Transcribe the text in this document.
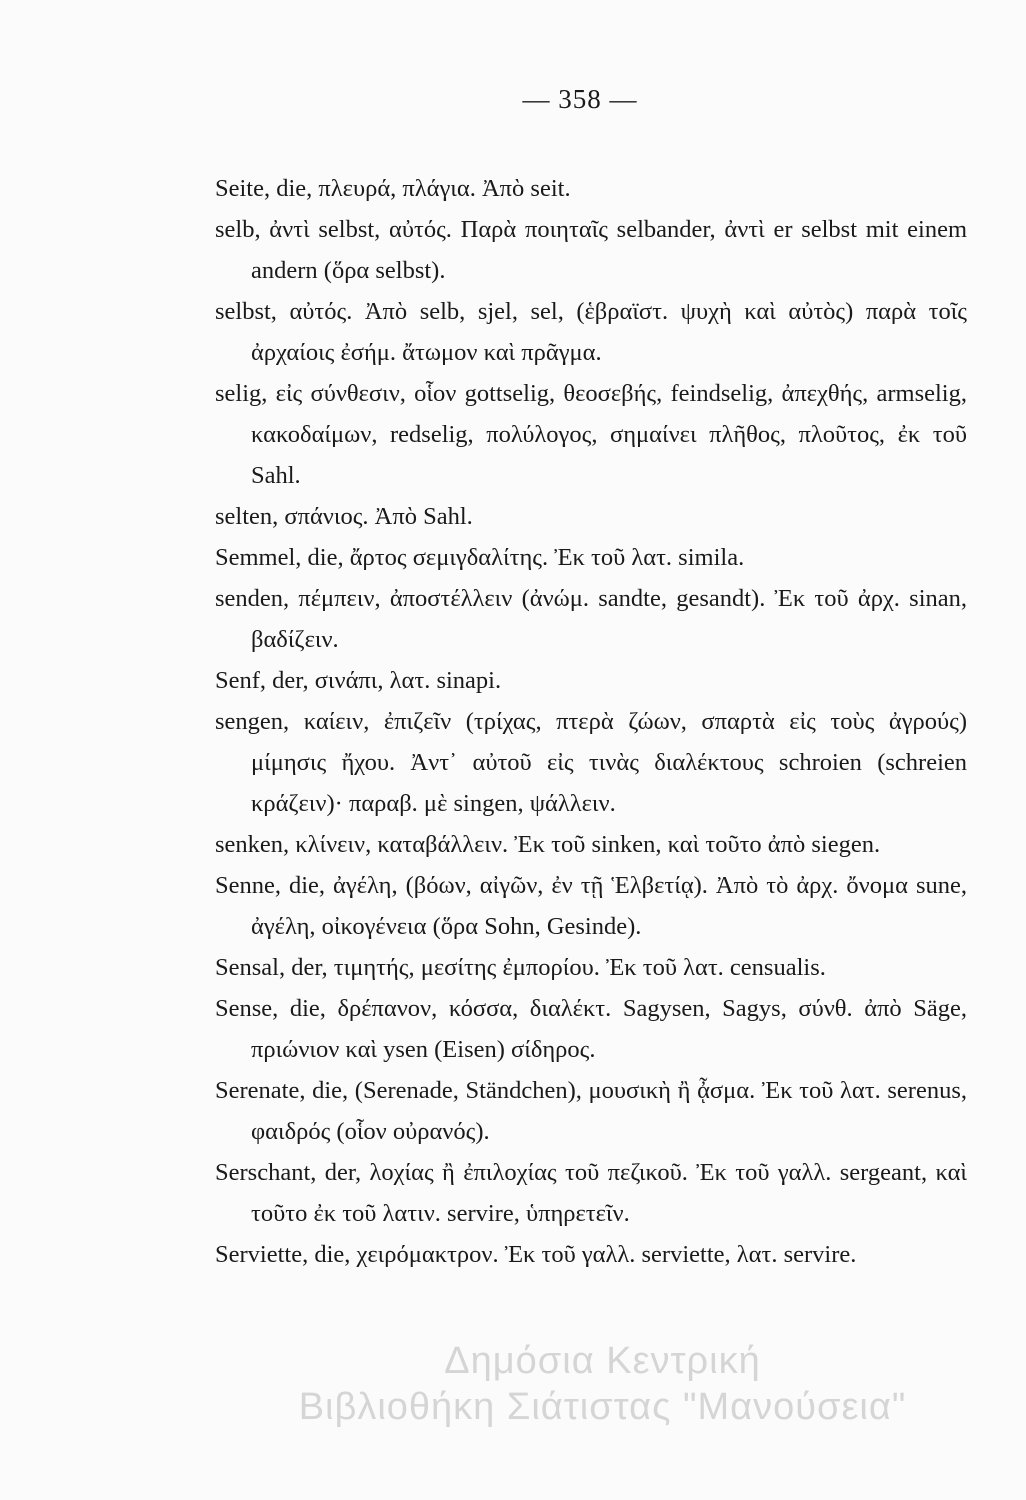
— 358 —

Seite, die, πλευρά, πλάγια. Ἀπὸ seit.

selb, ἀντὶ selbst, αὐτός. Παρὰ ποιηταῖς selbander, ἀντὶ er selbst mit einem andern (ὅρα selbst).

selbst, αὐτός. Ἀπὸ selb, sjel, sel, (ἑβραϊστ. ψυχὴ καὶ αὐτὸς) παρὰ τοῖς ἀρχαίοις ἐσήμ. ἄτωμον καὶ πρᾶγμα.

selig, εἰς σύνθεσιν, οἷον gottselig, θεοσεβής, feindselig, ἀπεχθής, armselig, κακοδαίμων, redselig, πολύλογος, σημαίνει πλῆθος, πλοῦτος, ἐκ τοῦ Sahl.

selten, σπάνιος. Ἀπὸ Sahl.

Semmel, die, ἄρτος σεμιγδαλίτης. Ἐκ τοῦ λατ. simila.

senden, πέμπειν, ἀποστέλλειν (ἀνώμ. sandte, gesandt). Ἐκ τοῦ ἀρχ. sinan, βαδίζειν.

Senf, der, σινάπι, λατ. sinapi.

sengen, καίειν, ἐπιζεῖν (τρίχας, πτερὰ ζώων, σπαρτὰ εἰς τοὺς ἀγρούς) μίμησις ἤχου. Ἀντ᾽ αὐτοῦ εἰς τινὰς διαλέκτους schroien (schreien κράζειν)· παραβ. μὲ singen, ψάλλειν.

senken, κλίνειν, καταβάλλειν. Ἐκ τοῦ sinken, καὶ τοῦτο ἀπὸ siegen.

Senne, die, ἀγέλη, (βόων, αἰγῶν, ἐν τῇ Ἑλβετίᾳ). Ἀπὸ τὸ ἀρχ. ὄνομα sune, ἀγέλη, οἰκογένεια (ὅρα Sohn, Gesinde).

Sensal, der, τιμητής, μεσίτης ἐμπορίου. Ἐκ τοῦ λατ. censualis.

Sense, die, δρέπανον, κόσσα, διαλέκτ. Sagysen, Sagys, σύνθ. ἀπὸ Säge, πριώνιον καὶ ysen (Eisen) σίδηρος.

Serenate, die, (Serenade, Ständchen), μουσικὴ ἢ ᾆσμα. Ἐκ τοῦ λατ. serenus, φαιδρός (οἷον οὐρανός).

Serschant, der, λοχίας ἢ ἐπιλοχίας τοῦ πεζικοῦ. Ἐκ τοῦ γαλλ. sergeant, καὶ τοῦτο ἐκ τοῦ λατιν. servire, ὑπηρετεῖν.

Serviette, die, χειρόμακτρον. Ἐκ τοῦ γαλλ. serviette, λατ. servire.

Δημόσια Κεντρική
Βιβλιοθήκη Σιάτιστας "Μανούσεια"
